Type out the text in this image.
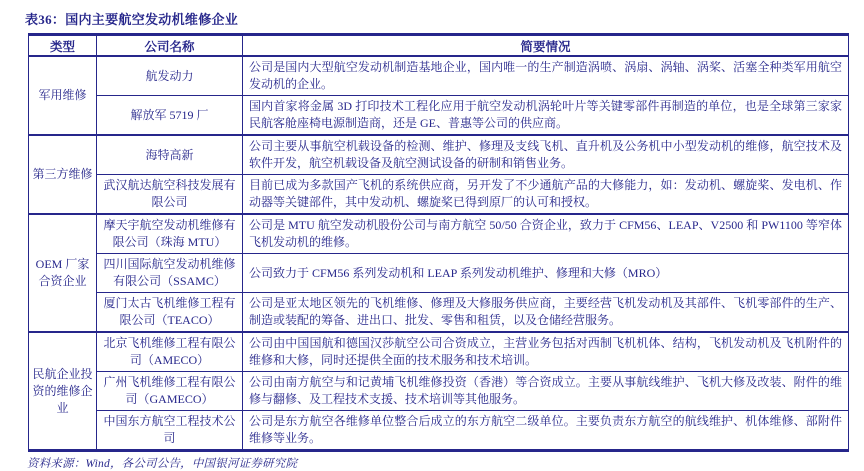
表36：国内主要航空发动机维修企业
类型	公司名称	简要情况
军用维修	航发动力	公司是国内大型航空发动机制造基地企业，国内唯一的生产制造涡喷、涡扇、涡轴、涡桨、活塞全种类军用航空发动机的企业。
	解放军 5719 厂	国内首家将金属 3D 打印技术工程化应用于航空发动机涡轮叶片等关键零部件再制造的单位，也是全球第三家家民航客舱座椅电源制造商，还是 GE、普惠等公司的供应商。
第三方维修	海特高新	公司主要从事航空机载设备的检测、维护、修理及支线飞机、直升机及公务机中小型发动机的维修，航空技术及软件开发，航空机载设备及航空测试设备的研制和销售业务。
	武汉航达航空科技发展有限公司	目前已成为多款国产飞机的系统供应商，另开发了不少通航产品的大修能力，如：发动机、螺旋桨、发电机、作动器等关键部件，其中发动机、螺旋桨已得到原厂的认可和授权。
OEM 厂家合资企业	摩天宇航空发动机维修有限公司（珠海 MTU）	公司是 MTU 航空发动机股份公司与南方航空 50/50 合资企业，致力于 CFM56、LEAP、V2500 和 PW1100 等窄体飞机发动机的维修。
	四川国际航空发动机维修有限公司（SSAMC）	公司致力于 CFM56 系列发动机和 LEAP 系列发动机维护、修理和大修（MRO）
	厦门太古飞机维修工程有限公司（TEACO）	公司是亚太地区领先的飞机维修、修理及大修服务供应商，主要经营飞机发动机及其部件、飞机零部件的生产、制造或装配的筹备、进出口、批发、零售和租赁，以及仓储经营服务。
民航企业投资的维修企业	北京飞机维修工程有限公司（AMECO）	公司由中国国航和德国汉莎航空公司合资成立，主营业务包括对西制飞机机体、结构，飞机发动机及飞机附件的维修和大修，同时还提供全面的技术服务和技术培训。
	广州飞机维修工程有限公司（GAMECO）	公司由南方航空与和记黄埔飞机维修投资（香港）等合资成立。主要从事航线维护、飞机大修及改装、附件的维修与翻修、及工程技术支援、技术培训等其他服务。
	中国东方航空工程技术公司	公司是东方航空各维修单位整合后成立的东方航空二级单位。主要负责东方航空的航线维护、机体维修、部附件维修等业务。
资料来源：Wind，各公司公告，中国银河证券研究院
